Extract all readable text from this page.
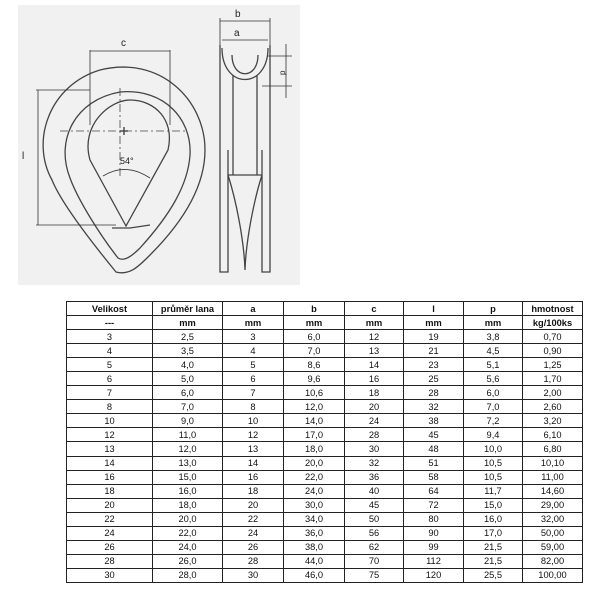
c
l	54°
b
a
p
Velikost	průměr lana	a	b	c	l	p	hmotnost
---	mm	mm	mm	mm	mm	mm	kg/100ks
3	2,5	3	6,0	12	19	3,8	0,70
4	3,5	4	7,0	13	21	4,5	0,90
5	4,0	5	8,6	14	23	5,1	1,25
6	5,0	6	9,6	16	25	5,6	1,70
7	6,0	7	10,6	18	28	6,0	2,00
8	7,0	8	12,0	20	32	7,0	2,60
10	9,0	10	14,0	24	38	7,2	3,20
12	11,0	12	17,0	28	45	9,4	6,10
13	12,0	13	18,0	30	48	10,0	6,80
14	13,0	14	20,0	32	51	10,5	10,10
16	15,0	16	22,0	36	58	10,5	11,00
18	16,0	18	24,0	40	64	11,7	14,60
20	18,0	20	30,0	45	72	15,0	29,00
22	20,0	22	34,0	50	80	16,0	32,00
24	22,0	24	36,0	56	90	17,0	50,00
26	24,0	26	38,0	62	99	21,5	59,00
28	26,0	28	44,0	70	112	21,5	82,00
30	28,0	30	46,0	75	120	25,5	100,00
